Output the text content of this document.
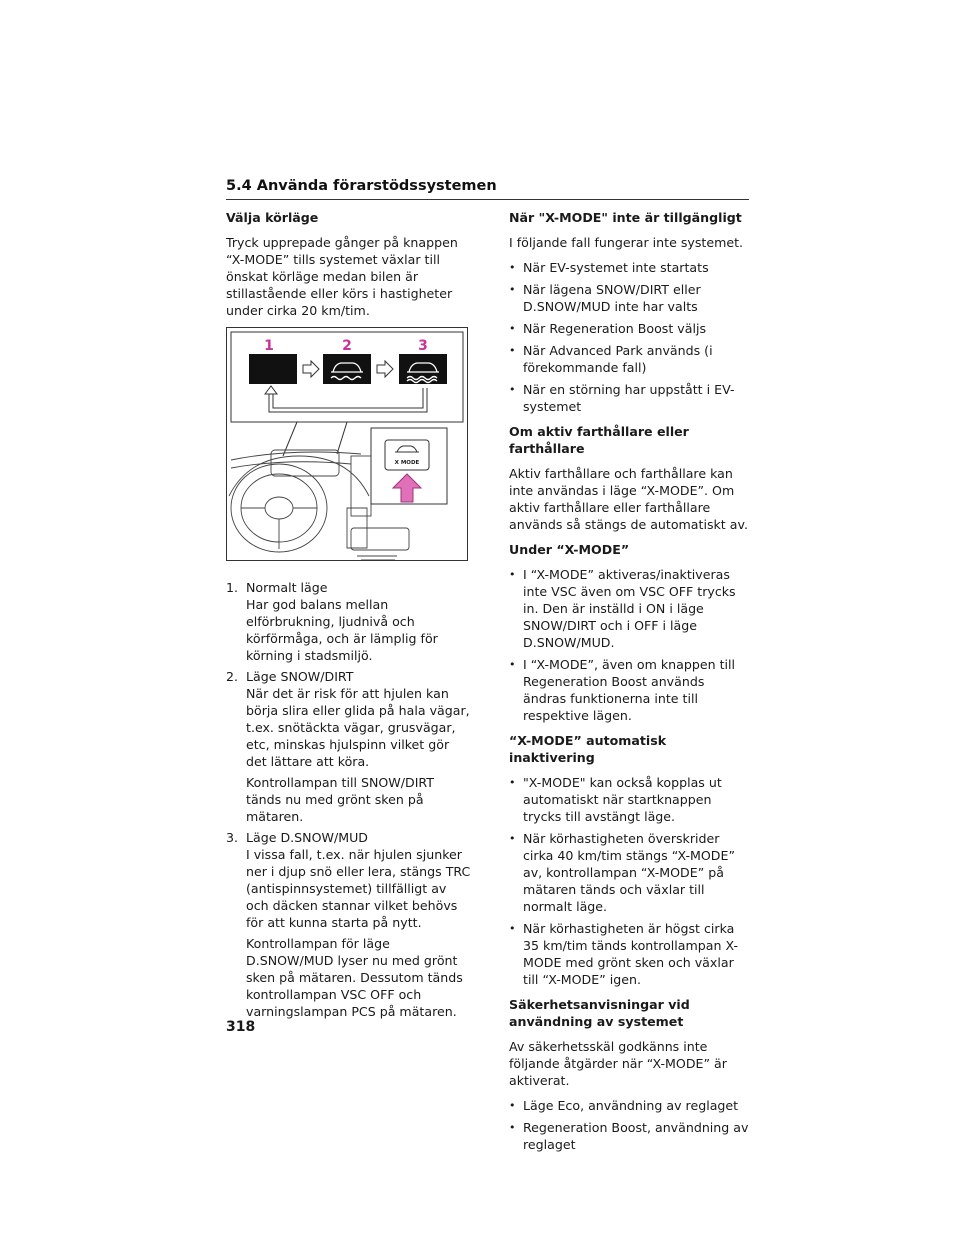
5.4 Använda förarstödssystemen
Välja körläge
Tryck upprepade gånger på knappen “X-MODE” tills systemet växlar till önskat körläge medan bilen är stillastående eller körs i hastigheter under cirka 20 km/tim.
1	2	3
X MODE
1. Normalt läge
Har god balans mellan elförbrukning, ljudnivå och körförmåga, och är lämplig för körning i stadsmiljö.
2. Läge SNOW/DIRT
När det är risk för att hjulen kan börja slira eller glida på hala vägar, t.ex. snötäckta vägar, grusvägar, etc, minskas hjulspinn vilket gör det lättare att köra.
Kontrollampan till SNOW/DIRT tänds nu med grönt sken på mätaren.
3. Läge D.SNOW/MUD
I vissa fall, t.ex. när hjulen sjunker ner i djup snö eller lera, stängs TRC (antispinnsystemet) tillfälligt av och däcken stannar vilket behövs för att kunna starta på nytt.
Kontrollampan för läge D.SNOW/MUD lyser nu med grönt sken på mätaren. Dessutom tänds kontrollampan VSC OFF och varningslampan PCS på mätaren.
När "X-MODE" inte är tillgängligt
I följande fall fungerar inte systemet.
• När EV-systemet inte startats
• När lägena SNOW/DIRT eller D.SNOW/MUD inte har valts
• När Regeneration Boost väljs
• När Advanced Park används (i förekommande fall)
• När en störning har uppstått i EV-systemet
Om aktiv farthållare eller farthållare
Aktiv farthållare och farthållare kan inte användas i läge “X-MODE”. Om aktiv farthållare eller farthållare används så stängs de automatiskt av.
Under “X-MODE”
• I “X-MODE” aktiveras/inaktiveras inte VSC även om VSC OFF trycks in. Den är inställd i ON i läge SNOW/DIRT och i OFF i läge D.SNOW/MUD.
• I “X-MODE”, även om knappen till Regeneration Boost används ändras funktionerna inte till respektive lägen.
“X-MODE” automatisk inaktivering
• "X-MODE" kan också kopplas ut automatiskt när startknappen trycks till avstängt läge.
• När körhastigheten överskrider cirka 40 km/tim stängs “X-MODE” av, kontrollampan “X-MODE” på mätaren tänds och växlar till normalt läge.
• När körhastigheten är högst cirka 35 km/tim tänds kontrollampan X-MODE med grönt sken och växlar till “X-MODE” igen.
Säkerhetsanvisningar vid användning av systemet
Av säkerhetsskäl godkänns inte följande åtgärder när “X-MODE” är aktiverat.
• Läge Eco, användning av reglaget
• Regeneration Boost, användning av reglaget
318
